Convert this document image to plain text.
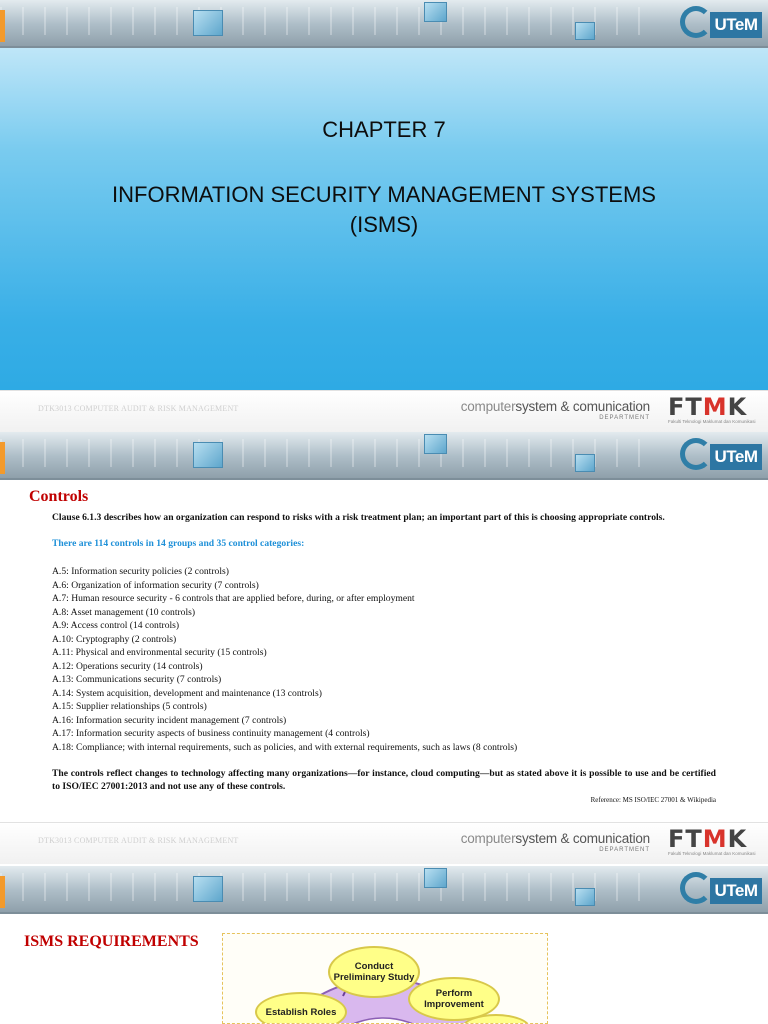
UTeM
CHAPTER 7
INFORMATION SECURITY MANAGEMENT SYSTEMS
(ISMS)
DTK3013 COMPUTER AUDIT & RISK MANAGEMENT	computersystem & comunication
DEPARTMENT FTMK
Fakulti Teknologi Maklumat dan Komunikasi
UTeM
Controls

Clause 6.1.3 describes how an organization can respond to risks with a risk treatment plan; an important part of this is choosing appropriate controls.

There are 114 controls in 14 groups and 35 control categories:

A.5: Information security policies (2 controls)
A.6: Organization of information security (7 controls)
A.7: Human resource security - 6 controls that are applied before, during, or after employment
A.8: Asset management (10 controls)
A.9: Access control (14 controls)
A.10: Cryptography (2 controls)
A.11: Physical and environmental security (15 controls)
A.12: Operations security (14 controls)
A.13: Communications security (7 controls)
A.14: System acquisition, development and maintenance (13 controls)
A.15: Supplier relationships (5 controls)
A.16: Information security incident management (7 controls)
A.17: Information security aspects of business continuity management (4 controls)
A.18: Compliance; with internal requirements, such as policies, and with external requirements, such as laws (8 controls)

The controls reflect changes to technology affecting many organizations—for instance, cloud computing—but as stated above it is possible to use and be certified to ISO/IEC 27001:2013 and not use any of these controls.

Reference: MS ISO/IEC 27001 & Wikipedia

DTK3013 COMPUTER AUDIT & RISK MANAGEMENT	computersystem & comunication
DEPARTMENT FTMK
Fakulti Teknologi Maklumat dan Komunikasi
UTeM
ISMS REQUIREMENTS
Conduct Preliminary Study
Perform Improvement
Establish Roles
